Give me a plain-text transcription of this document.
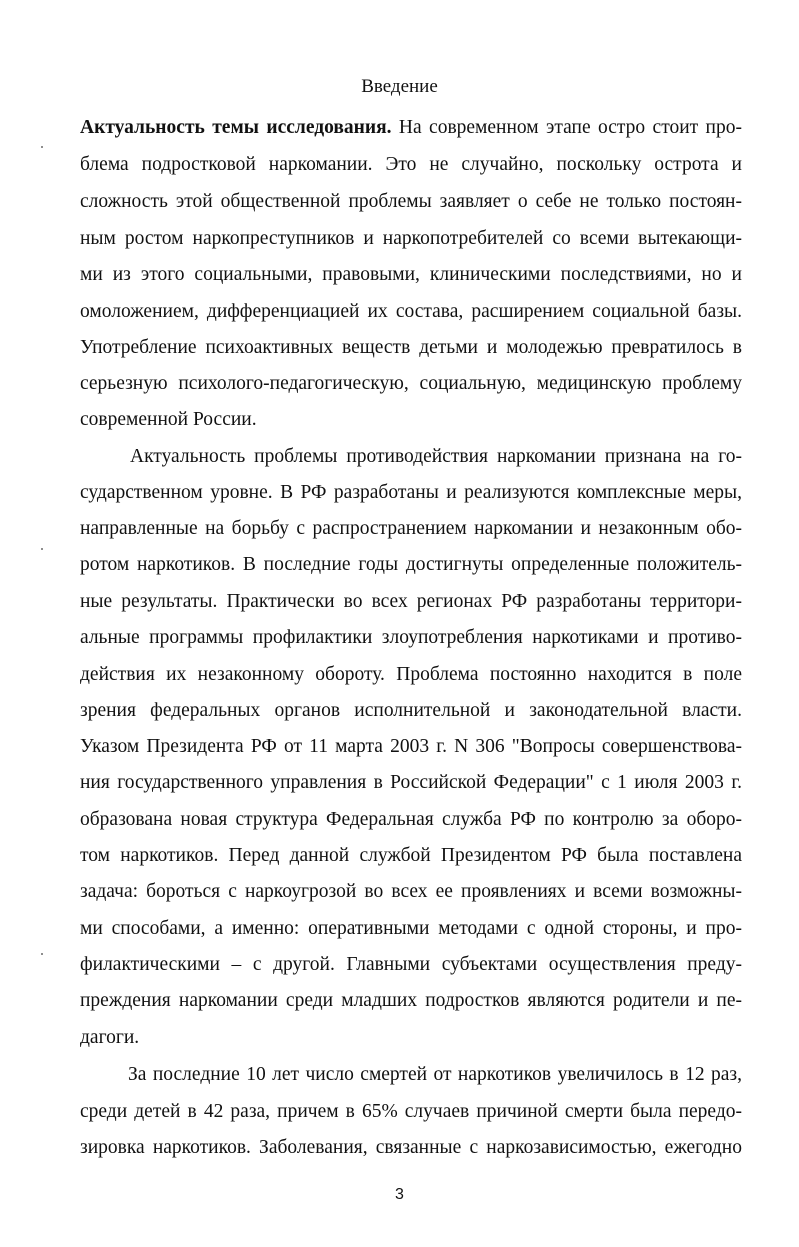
Введение
Актуальность темы исследования. На современном этапе остро стоит про-
блема подростковой наркомании. Это не случайно, поскольку острота и
сложность этой общественной проблемы заявляет о себе не только постоян-
ным ростом наркопреступников и наркопотребителей со всеми вытекающи-
ми из этого социальными, правовыми, клиническими последствиями, но и
омоложением, дифференциацией их состава, расширением социальной базы.
Употребление психоактивных веществ детьми и молодежью превратилось в
серьезную психолого-педагогическую, социальную, медицинскую проблему
современной России.
Актуальность проблемы противодействия наркомании признана на го-
сударственном уровне. В РФ разработаны и реализуются комплексные меры,
направленные на борьбу с распространением наркомании и незаконным обо-
ротом наркотиков. В последние годы достигнуты определенные положитель-
ные результаты. Практически во всех регионах РФ разработаны территори-
альные программы профилактики злоупотребления наркотиками и противо-
действия их незаконному обороту. Проблема постоянно находится в поле
зрения федеральных органов исполнительной и законодательной власти.
Указом Президента РФ от 11 марта 2003 г. N 306 "Вопросы совершенствова-
ния государственного управления в Российской Федерации" с 1 июля 2003 г.
образована новая структура Федеральная служба РФ по контролю за оборо-
том наркотиков. Перед данной службой Президентом РФ была поставлена
задача: бороться с наркоугрозой во всех ее проявлениях и всеми возможны-
ми способами, а именно: оперативными методами с одной стороны, и про-
филактическими – с другой. Главными субъектами осуществления преду-
преждения наркомании среди младших подростков являются родители и пе-
дагоги.
За последние 10 лет число смертей от наркотиков увеличилось в 12 раз,
среди детей в 42 раза, причем в 65% случаев причиной смерти была передо-
зировка наркотиков. Заболевания, связанные с наркозависимостью, ежегодно
3
